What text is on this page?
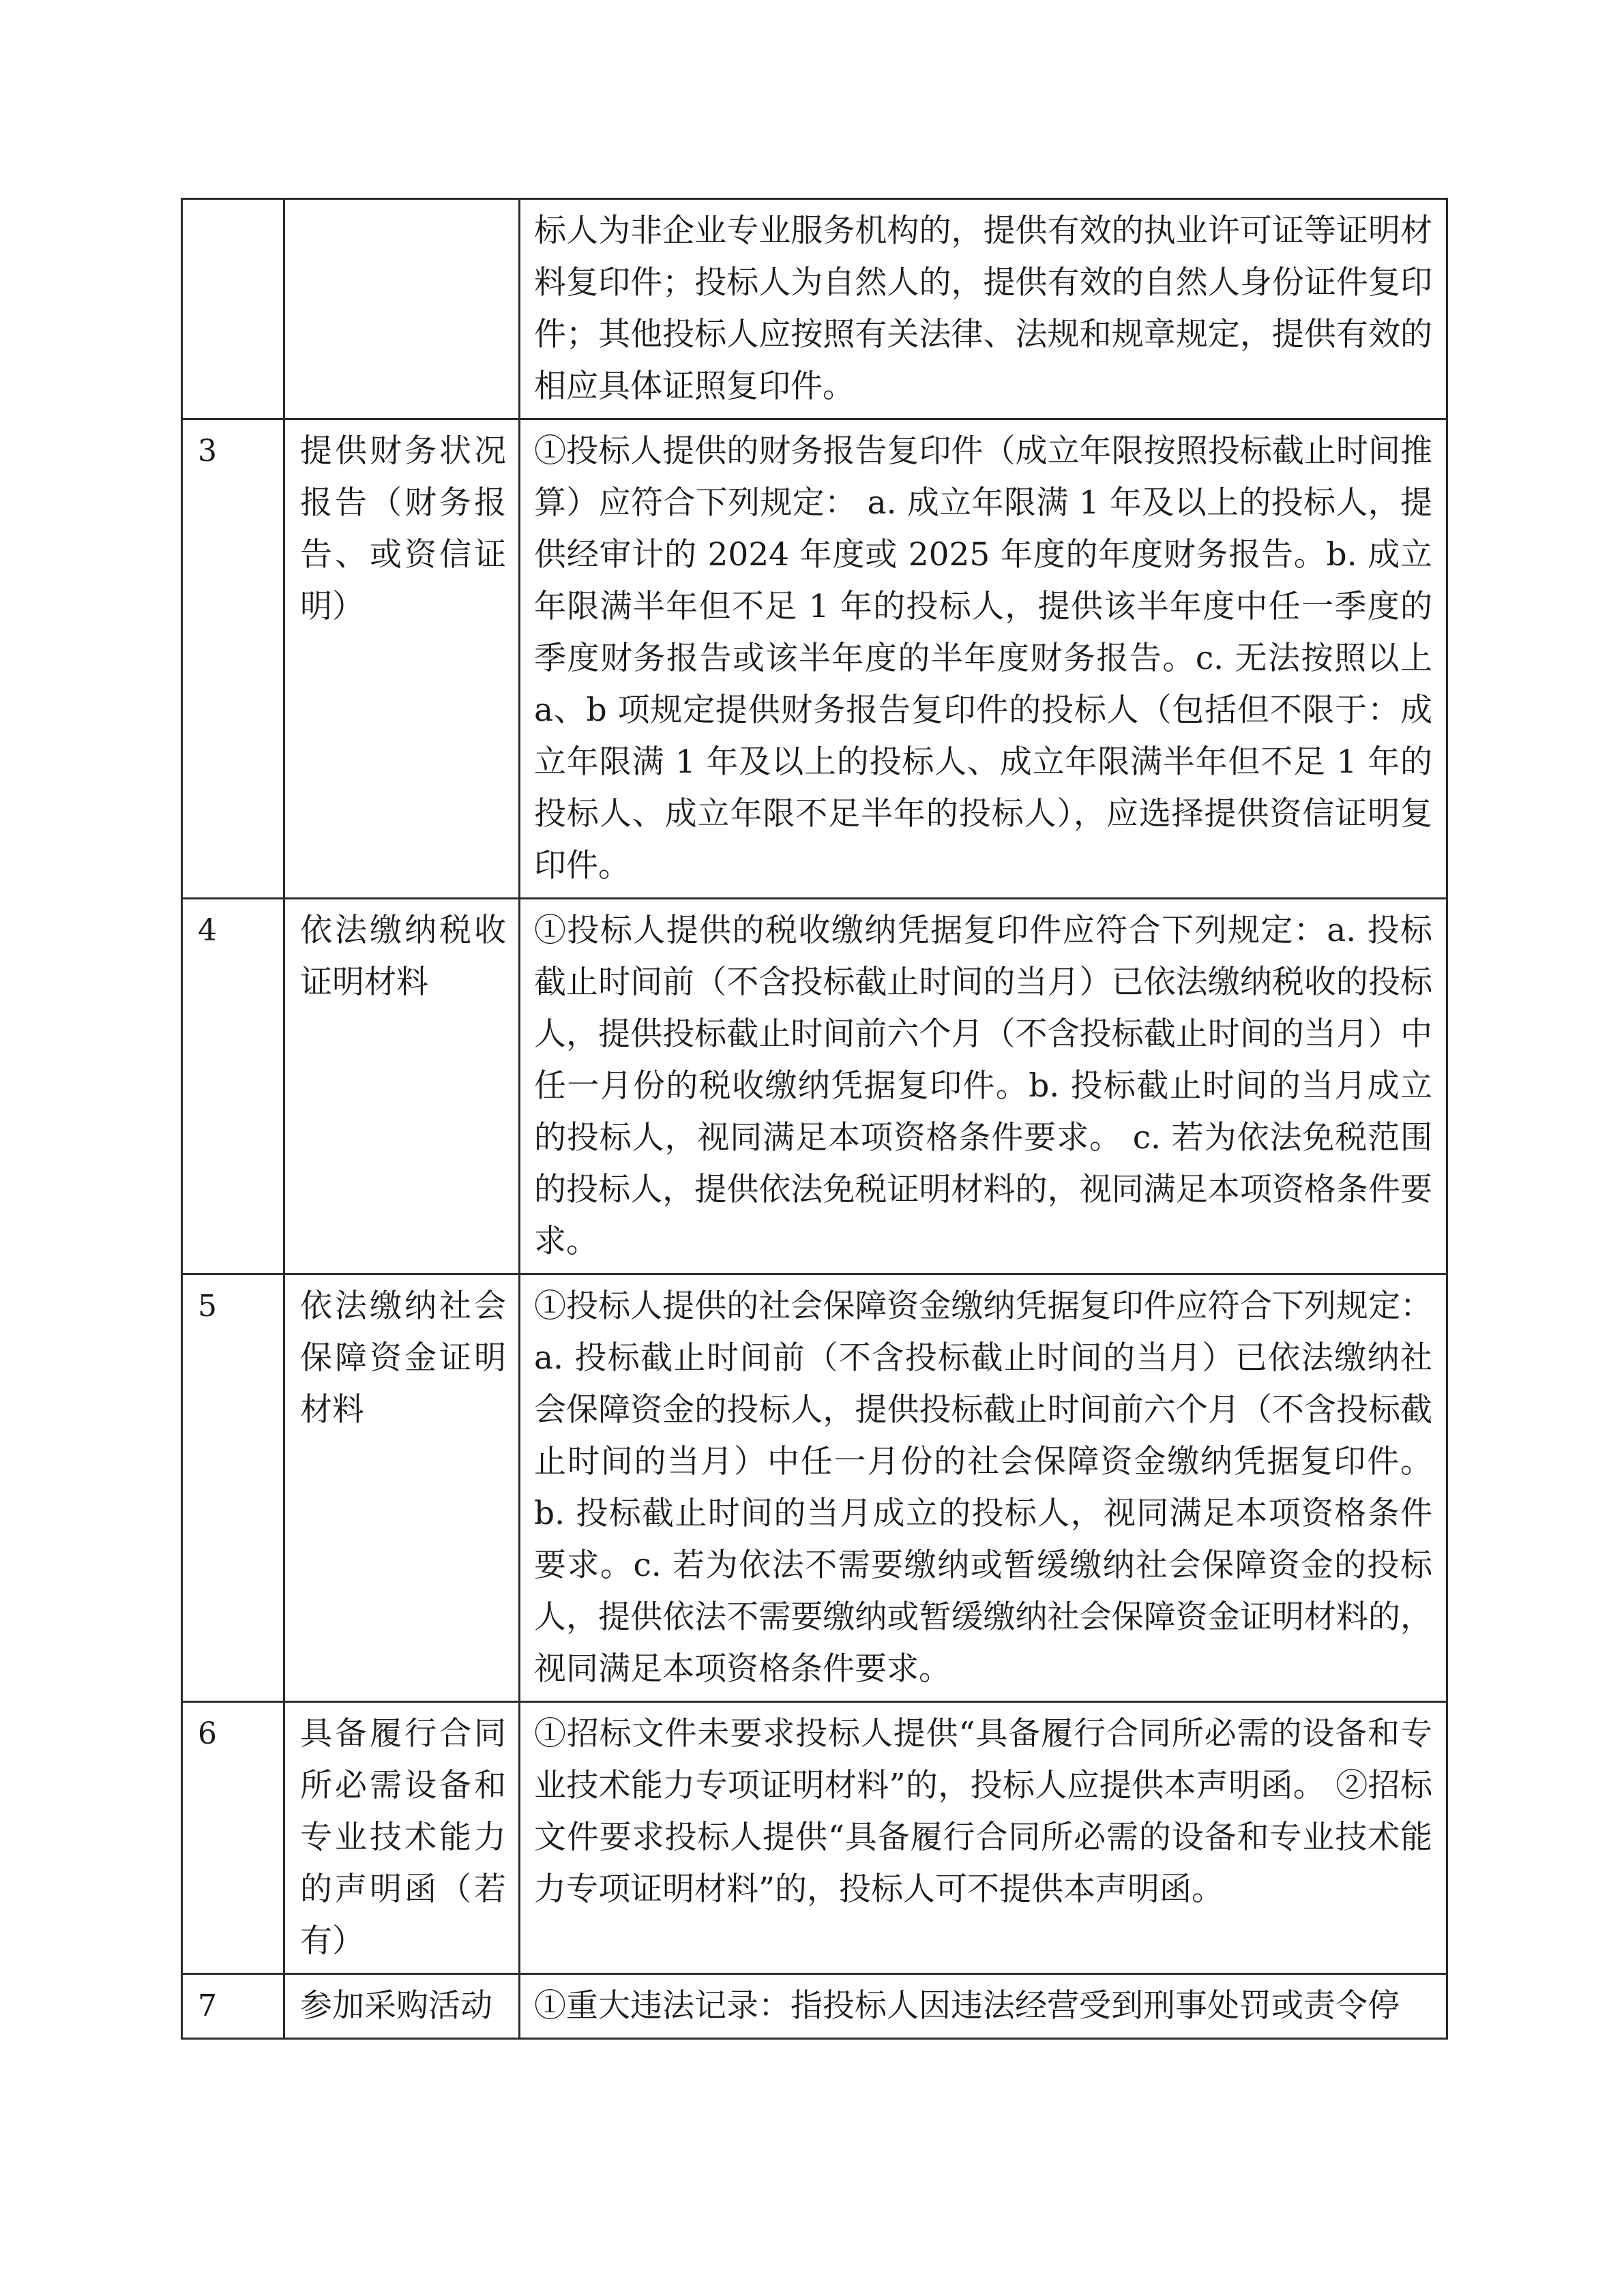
		标人为非企业专业服务机构的，提供有效的执业许可证等证明材料复印件；投标人为自然人的，提供有效的自然人身份证件复印件；其他投标人应按照有关法律、法规和规章规定，提供有效的相应具体证照复印件。
3	提供财务状况报告（财务报告、或资信证明）	①投标人提供的财务报告复印件（成立年限按照投标截止时间推算）应符合下列规定： a. 成立年限满 1 年及以上的投标人，提供经审计的 2024 年度或 2025 年度的年度财务报告。b. 成立年限满半年但不足 1 年的投标人，提供该半年度中任一季度的季度财务报告或该半年度的半年度财务报告。c. 无法按照以上 a、b 项规定提供财务报告复印件的投标人（包括但不限于：成立年限满 1 年及以上的投标人、成立年限满半年但不足 1 年的投标人、成立年限不足半年的投标人），应选择提供资信证明复印件。
4	依法缴纳税收证明材料	①投标人提供的税收缴纳凭据复印件应符合下列规定：a. 投标截止时间前（不含投标截止时间的当月）已依法缴纳税收的投标人，提供投标截止时间前六个月（不含投标截止时间的当月）中任一月份的税收缴纳凭据复印件。b. 投标截止时间的当月成立的投标人，视同满足本项资格条件要求。 c. 若为依法免税范围的投标人，提供依法免税证明材料的，视同满足本项资格条件要求。
5	依法缴纳社会保障资金证明材料	①投标人提供的社会保障资金缴纳凭据复印件应符合下列规定： a. 投标截止时间前（不含投标截止时间的当月）已依法缴纳社会保障资金的投标人，提供投标截止时间前六个月（不含投标截止时间的当月）中任一月份的社会保障资金缴纳凭据复印件。 b. 投标截止时间的当月成立的投标人，视同满足本项资格条件要求。c. 若为依法不需要缴纳或暂缓缴纳社会保障资金的投标人，提供依法不需要缴纳或暂缓缴纳社会保障资金证明材料的，视同满足本项资格条件要求。
6	具备履行合同所必需设备和专业技术能力的声明函（若有）	①招标文件未要求投标人提供“具备履行合同所必需的设备和专业技术能力专项证明材料”的，投标人应提供本声明函。 ②招标文件要求投标人提供“具备履行合同所必需的设备和专业技术能力专项证明材料”的，投标人可不提供本声明函。
7	参加采购活动	①重大违法记录：指投标人因违法经营受到刑事处罚或责令停
